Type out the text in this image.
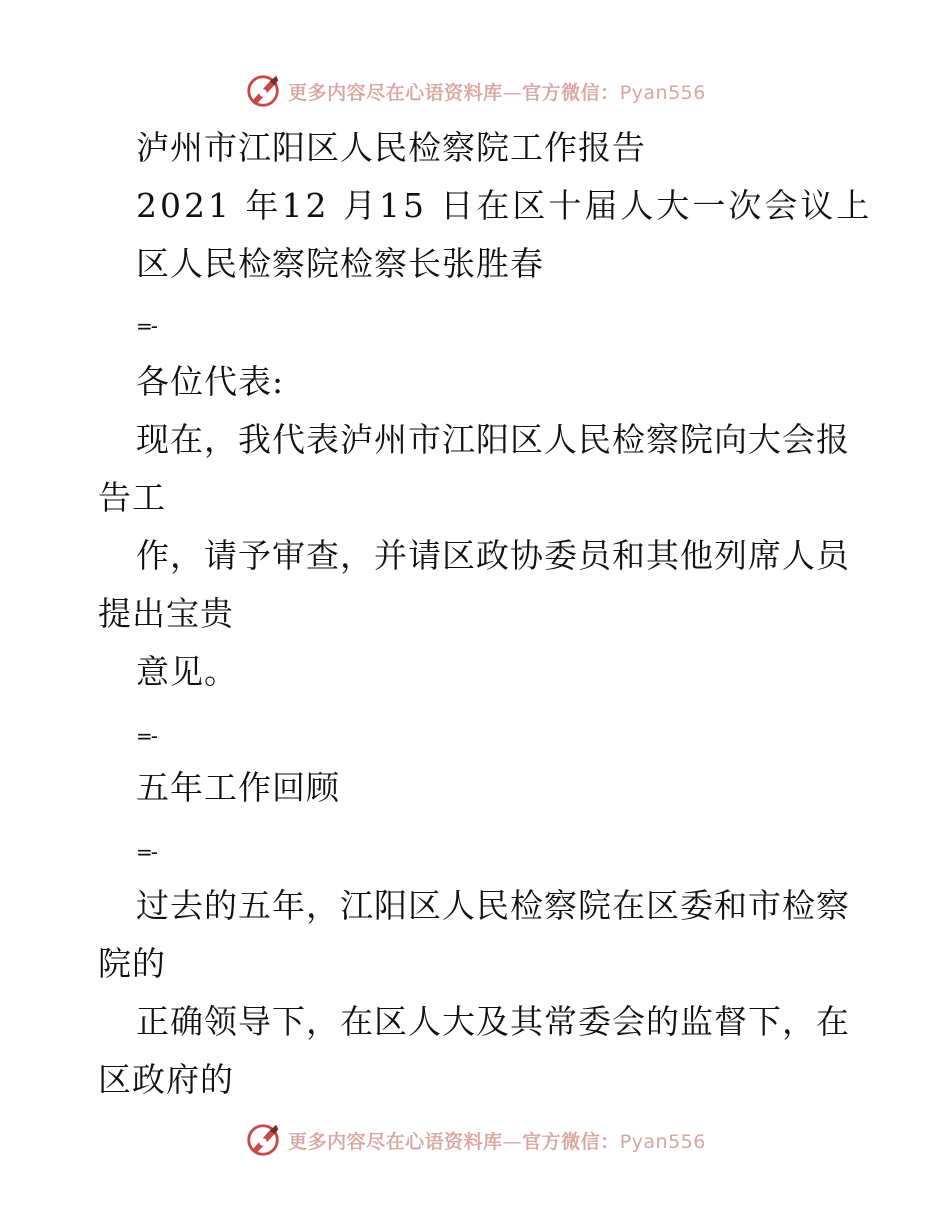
更多内容尽在心语资料库—官方微信：Pyan556
泸州市江阳区人民检察院工作报告
2021 年12 月15 日在区十届人大一次会议上
区人民检察院检察长张胜春
=-
各位代表:
现在，我代表泸州市江阳区人民检察院向大会报
告工
作，请予审查，并请区政协委员和其他列席人员
提出宝贵
意见。
=-
五年工作回顾
=-
过去的五年，江阳区人民检察院在区委和市检察
院的
正确领导下，在区人大及其常委会的监督下，在
区政府的
更多内容尽在心语资料库—官方微信：Pyan556
